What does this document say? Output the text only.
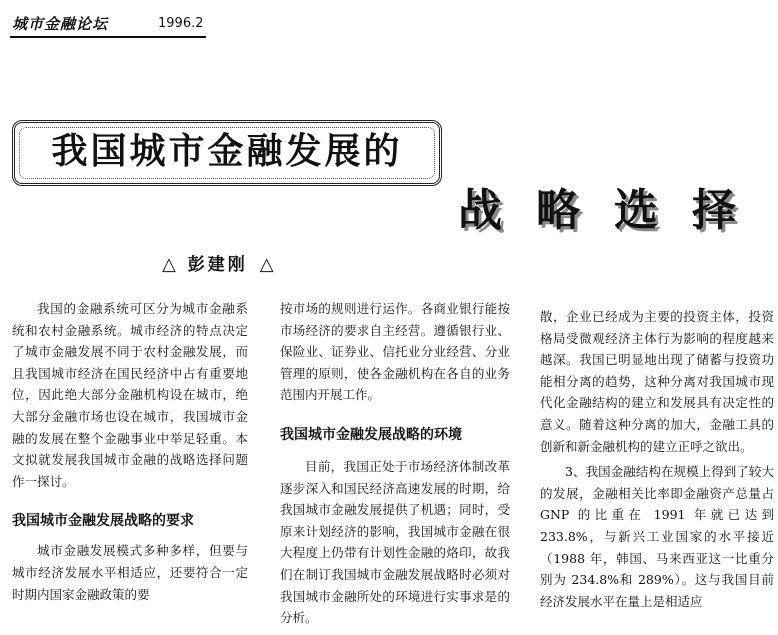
城市金融论坛	1996.2
我国城市金融发展的
战略选择
△ 彭建刚 △

我国的金融系统可区分为城市金融系统和农村金融系统。城市经济的特点决定了城市金融发展不同于农村金融发展，而且我国城市经济在国民经济中占有重要地位，因此绝大部分金融机构设在城市，绝大部分金融市场也设在城市，我国城市金融的发展在整个金融事业中举足轻重。本文拟就发展我国城市金融的战略选择问题作一探讨。

我国城市金融发展战略的要求

城市金融发展模式多种多样，但要与城市经济发展水平相适应，还要符合一定时期内国家金融政策的要

按市场的规则进行运作。各商业银行能按市场经济的要求自主经营。遵循银行业、保险业、证券业、信托业分业经营、分业管理的原则，使各金融机构在各自的业务范围内开展工作。

我国城市金融发展战略的环境

目前，我国正处于市场经济体制改革逐步深入和国民经济高速发展的时期，给我国城市金融发展提供了机遇；同时，受原来计划经济的影响，我国城市金融在很大程度上仍带有计划性金融的烙印，故我们在制订我国城市金融发展战略时必须对我国城市金融所处的环境进行实事求是的分析。

散，企业已经成为主要的投资主体，投资格局受微观经济主体行为影响的程度越来越深。我国已明显地出现了储蓄与投资功能相分离的趋势，这种分离对我国城市现代化金融结构的建立和发展具有决定性的意义。随着这种分离的加大，金融工具的创新和新金融机构的建立正呼之欲出。

3、我国金融结构在规模上得到了较大的发展，金融相关比率即金融资产总量占 GNP 的比重在 1991 年就已达到 233.8%，与新兴工业国家的水平接近（1988 年，韩国、马来西亚这一比重分别为 234.8%和 289%）。这与我国目前经济发展水平在量上是相适应
